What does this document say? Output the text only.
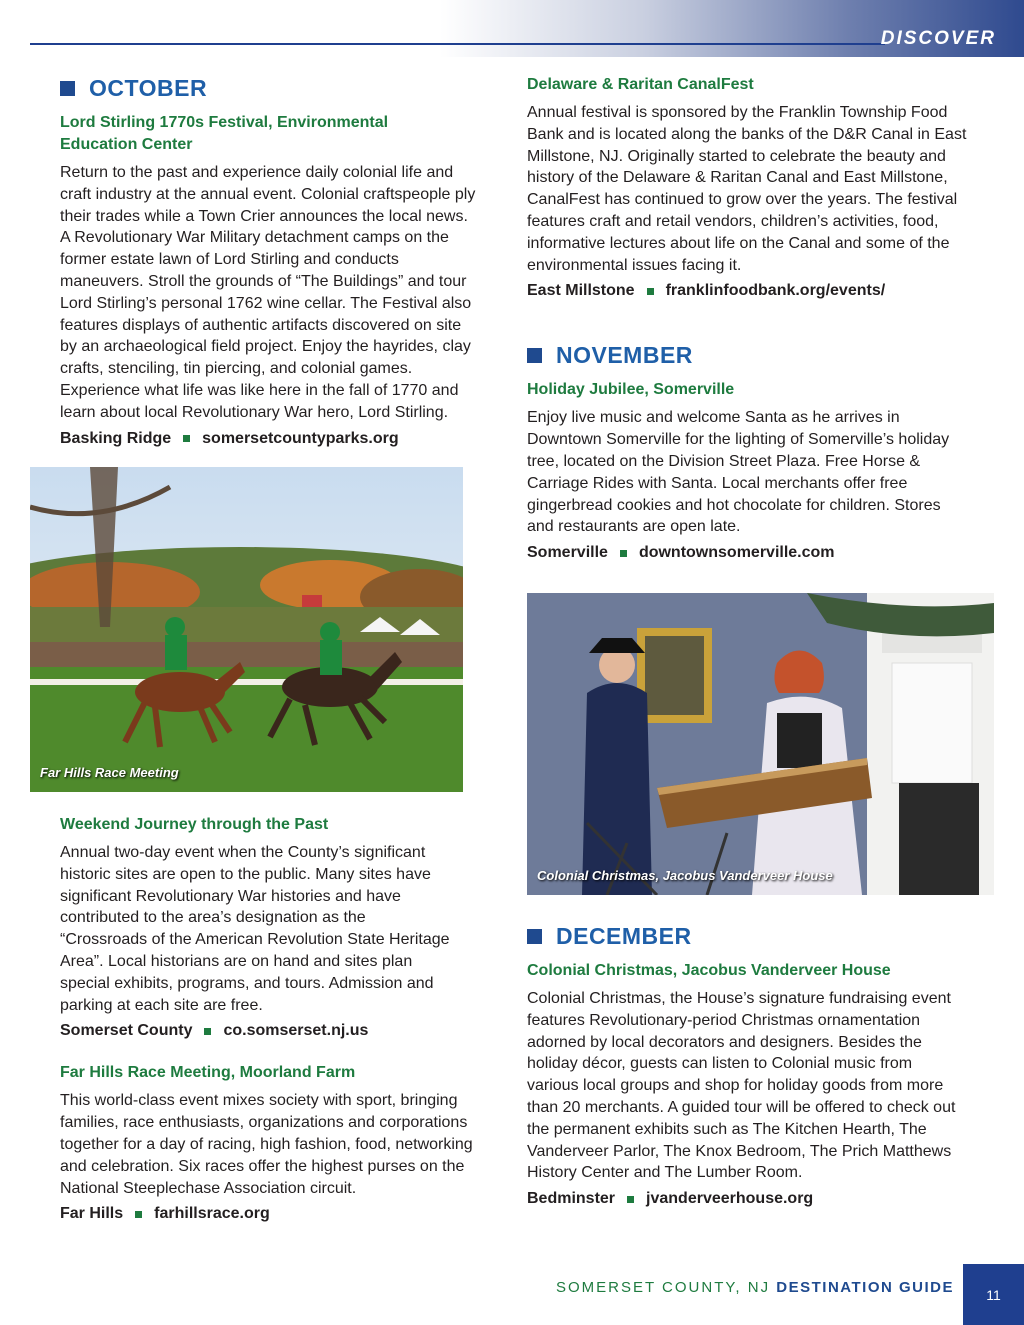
DISCOVER
OCTOBER
Lord Stirling 1770s Festival, Environmental Education Center
Return to the past and experience daily colonial life and craft industry at the annual event. Colonial craftspeople ply their trades while a Town Crier announces the local news. A Revolutionary War Military detachment camps on the former estate lawn of Lord Stirling and conducts maneuvers. Stroll the grounds of “The Buildings” and tour Lord Stirling’s personal 1762 wine cellar. The Festival also features displays of authentic artifacts discovered on site by an archaeological field project. Enjoy the hayrides, clay crafts, stenciling, tin piercing, and colonial games. Experience what life was like here in the fall of 1770 and learn about local Revolutionary War hero, Lord Stirling.
Basking Ridge somersetcountyparks.org
Far Hills Race Meeting
Weekend Journey through the Past
Annual two-day event when the County’s significant historic sites are open to the public. Many sites have significant Revolutionary War histories and have contributed to the area’s designation as the “Crossroads of the American Revolution State Heritage Area”. Local historians are on hand and sites plan special exhibits, programs, and tours. Admission and parking at each site are free.
Somerset County co.somserset.nj.us
Far Hills Race Meeting, Moorland Farm
This world-class event mixes society with sport, bringing families, race enthusiasts, organizations and corporations together for a day of racing, high fashion, food, networking and celebration. Six races offer the highest purses on the National Steeplechase Association circuit.
Far Hills farhillsrace.org
Delaware & Raritan CanalFest
Annual festival is sponsored by the Franklin Township Food Bank and is located along the banks of the D&R Canal in East Millstone, NJ. Originally started to celebrate the beauty and history of the Delaware & Raritan Canal and East Millstone, CanalFest has continued to grow over the years. The festival features craft and retail vendors, children’s activities, food, informative lectures about life on the Canal and some of the environmental issues facing it.
East Millstone franklinfoodbank.org/events/
NOVEMBER
Holiday Jubilee, Somerville
Enjoy live music and welcome Santa as he arrives in Downtown Somerville for the lighting of Somerville’s holiday tree, located on the Division Street Plaza. Free Horse & Carriage Rides with Santa. Local merchants offer free gingerbread cookies and hot chocolate for children. Stores and restaurants are open late.
Somerville downtownsomerville.com
Colonial Christmas, Jacobus Vanderveer House
DECEMBER
Colonial Christmas, Jacobus Vanderveer House
Colonial Christmas, the House’s signature fundraising event features Revolutionary-period Christmas ornamentation adorned by local decorators and designers. Besides the holiday décor, guests can listen to Colonial music from various local groups and shop for holiday goods from more than 20 merchants. A guided tour will be offered to check out the permanent exhibits such as The Kitchen Hearth, The Vanderveer Parlor, The Knox Bedroom, The Prich Matthews History Center and The Lumber Room.
Bedminster jvanderveerhouse.org
SOMERSET COUNTY, NJ DESTINATION GUIDE	11
